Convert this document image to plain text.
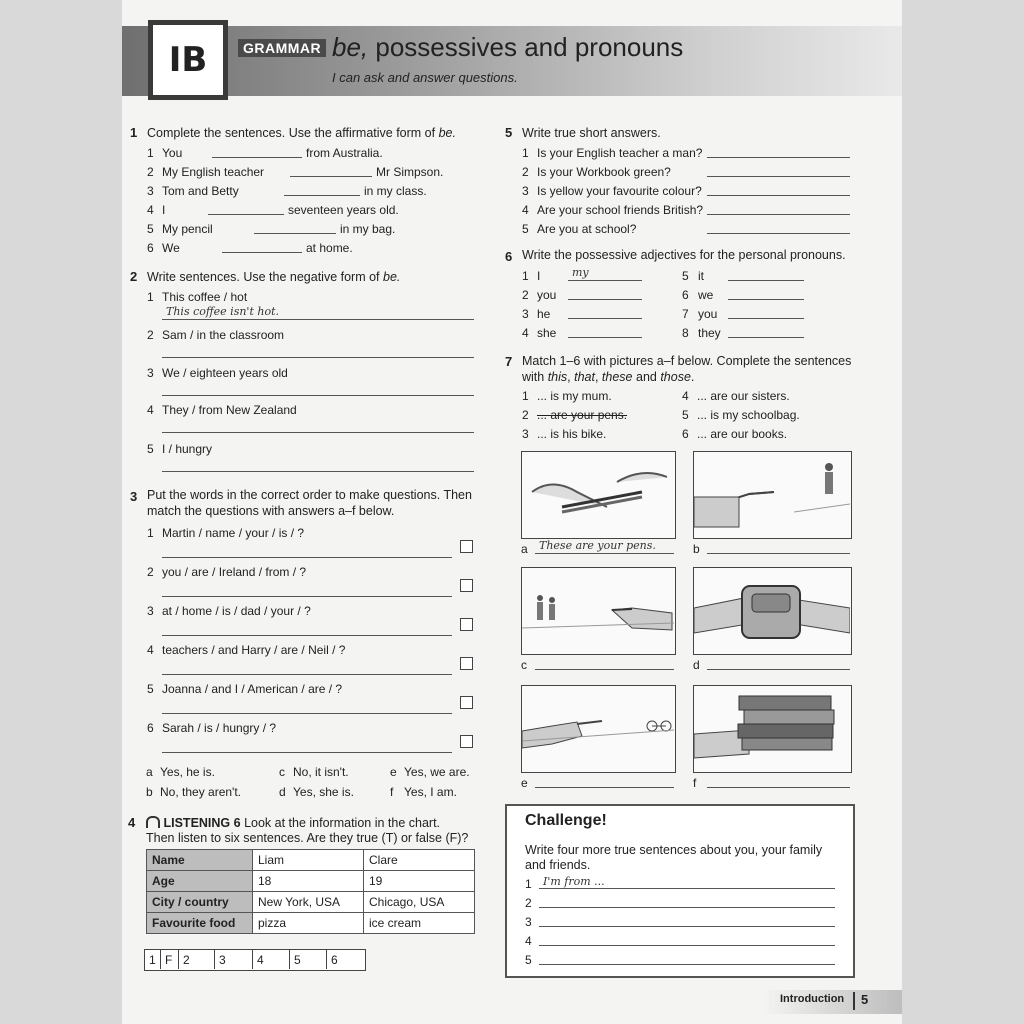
IB	GRAMMAR be, possessives and pronouns
I can ask and answer questions.
1 Complete the sentences. Use the affirmative form of be.
1 You	from Australia.
2 My English teacher	Mr Simpson.
3 Tom and Betty	in my class.
4 I	seventeen years old.
5 My pencil	in my bag.
6 We	at home.
2 Write sentences. Use the negative form of be.
1 This coffee / hot
This coffee isn't hot.
2 Sam / in the classroom
3 We / eighteen years old
4 They / from New Zealand
5 I / hungry
3 Put the words in the correct order to make questions. Then
match the questions with answers a–f below.
1 Martin / name / your / is / ?
2 you / are / Ireland / from / ?
3 at / home / is / dad / your / ?
4 teachers / and Harry / are / Neil / ?
5 Joanna / and I / American / are / ?
6 Sarah / is / hungry / ?
a Yes, he is.	c No, it isn't.	e Yes, we are.
b No, they aren't.	d Yes, she is.	f Yes, I am.
4	LISTENING 6 Look at the information in the chart.
Then listen to six sentences. Are they true (T) or false (F)?
Name	Liam	Clare
Age	18	19
City / country	New York, USA	Chicago, USA
Favourite food	pizza	ice cream
1 F 2 3	4	5	6
5 Write true short answers.
1 Is your English teacher a man?
2 Is your Workbook green?
3 Is yellow your favourite colour?
4 Are your school friends British?
5 Are you at school?
6 Write the possessive adjectives for the personal pronouns.
1 I	my
2 you
3 he
4 she
5 it
6 we
7 you
8 they
7 Match 1–6 with pictures a–f below. Complete the sentences
with this, that, these and those.
1 ... is my mum.	4 ... are our sisters.
2 ... are your pens.	5 ... is my schoolbag.
3 ... is his bike.	6 ... are our books.
a These are your pens.	b
c	d
e	f
Challenge!
Write four more true sentences about you, your family
and friends.
1 I'm from ...
2
3
4
5
Introduction 5
